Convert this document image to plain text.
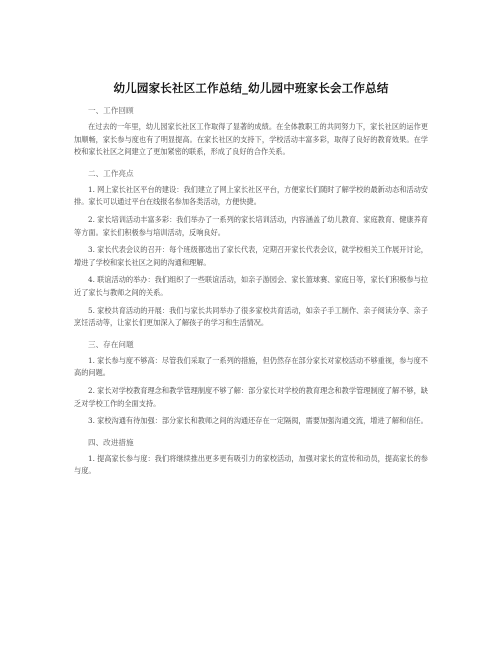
幼儿园家长社区工作总结_幼儿园中班家长会工作总结
一、工作回顾

在过去的一年里，幼儿园家长社区工作取得了显著的成绩。在全体教职工的共同努力下，家长社区的运作更加顺畅，家长参与度也有了明显提高。在家长社区的支持下，学校活动丰富多彩，取得了良好的教育效果。在学校和家长社区之间建立了更加紧密的联系，形成了良好的合作关系。

二、工作亮点

1. 网上家长社区平台的建设：我们建立了网上家长社区平台，方便家长们随时了解学校的最新动态和活动安排。家长可以通过平台在线报名参加各类活动，方便快捷。

2. 家长培训活动丰富多彩：我们举办了一系列的家长培训活动，内容涵盖了幼儿教育、家庭教育、健康养育等方面。家长们积极参与培训活动，反响良好。

3. 家长代表会议的召开：每个班级都选出了家长代表，定期召开家长代表会议，就学校相关工作展开讨论，增进了学校和家长社区之间的沟通和理解。

4. 联谊活动的举办：我们组织了一些联谊活动，如亲子游园会、家长篮球赛、家庭日等，家长们积极参与拉近了家长与教师之间的关系。

5. 家校共育活动的开展：我们与家长共同举办了很多家校共育活动，如亲子手工制作、亲子阅读分享、亲子烹饪活动等，让家长们更加深入了解孩子的学习和生活情况。

三、存在问题

1. 家长参与度不够高：尽管我们采取了一系列的措施，但仍然存在部分家长对家校活动不够重视，参与度不高的问题。

2. 家长对学校教育理念和教学管理制度不够了解：部分家长对学校的教育理念和教学管理制度了解不够，缺乏对学校工作的全面支持。

3. 家校沟通有待加强：部分家长和教师之间的沟通还存在一定隔阂，需要加强沟通交流，增进了解和信任。

四、改进措施

1. 提高家长参与度：我们将继续推出更多更有吸引力的家校活动，加强对家长的宣传和动员，提高家长的参与度。
